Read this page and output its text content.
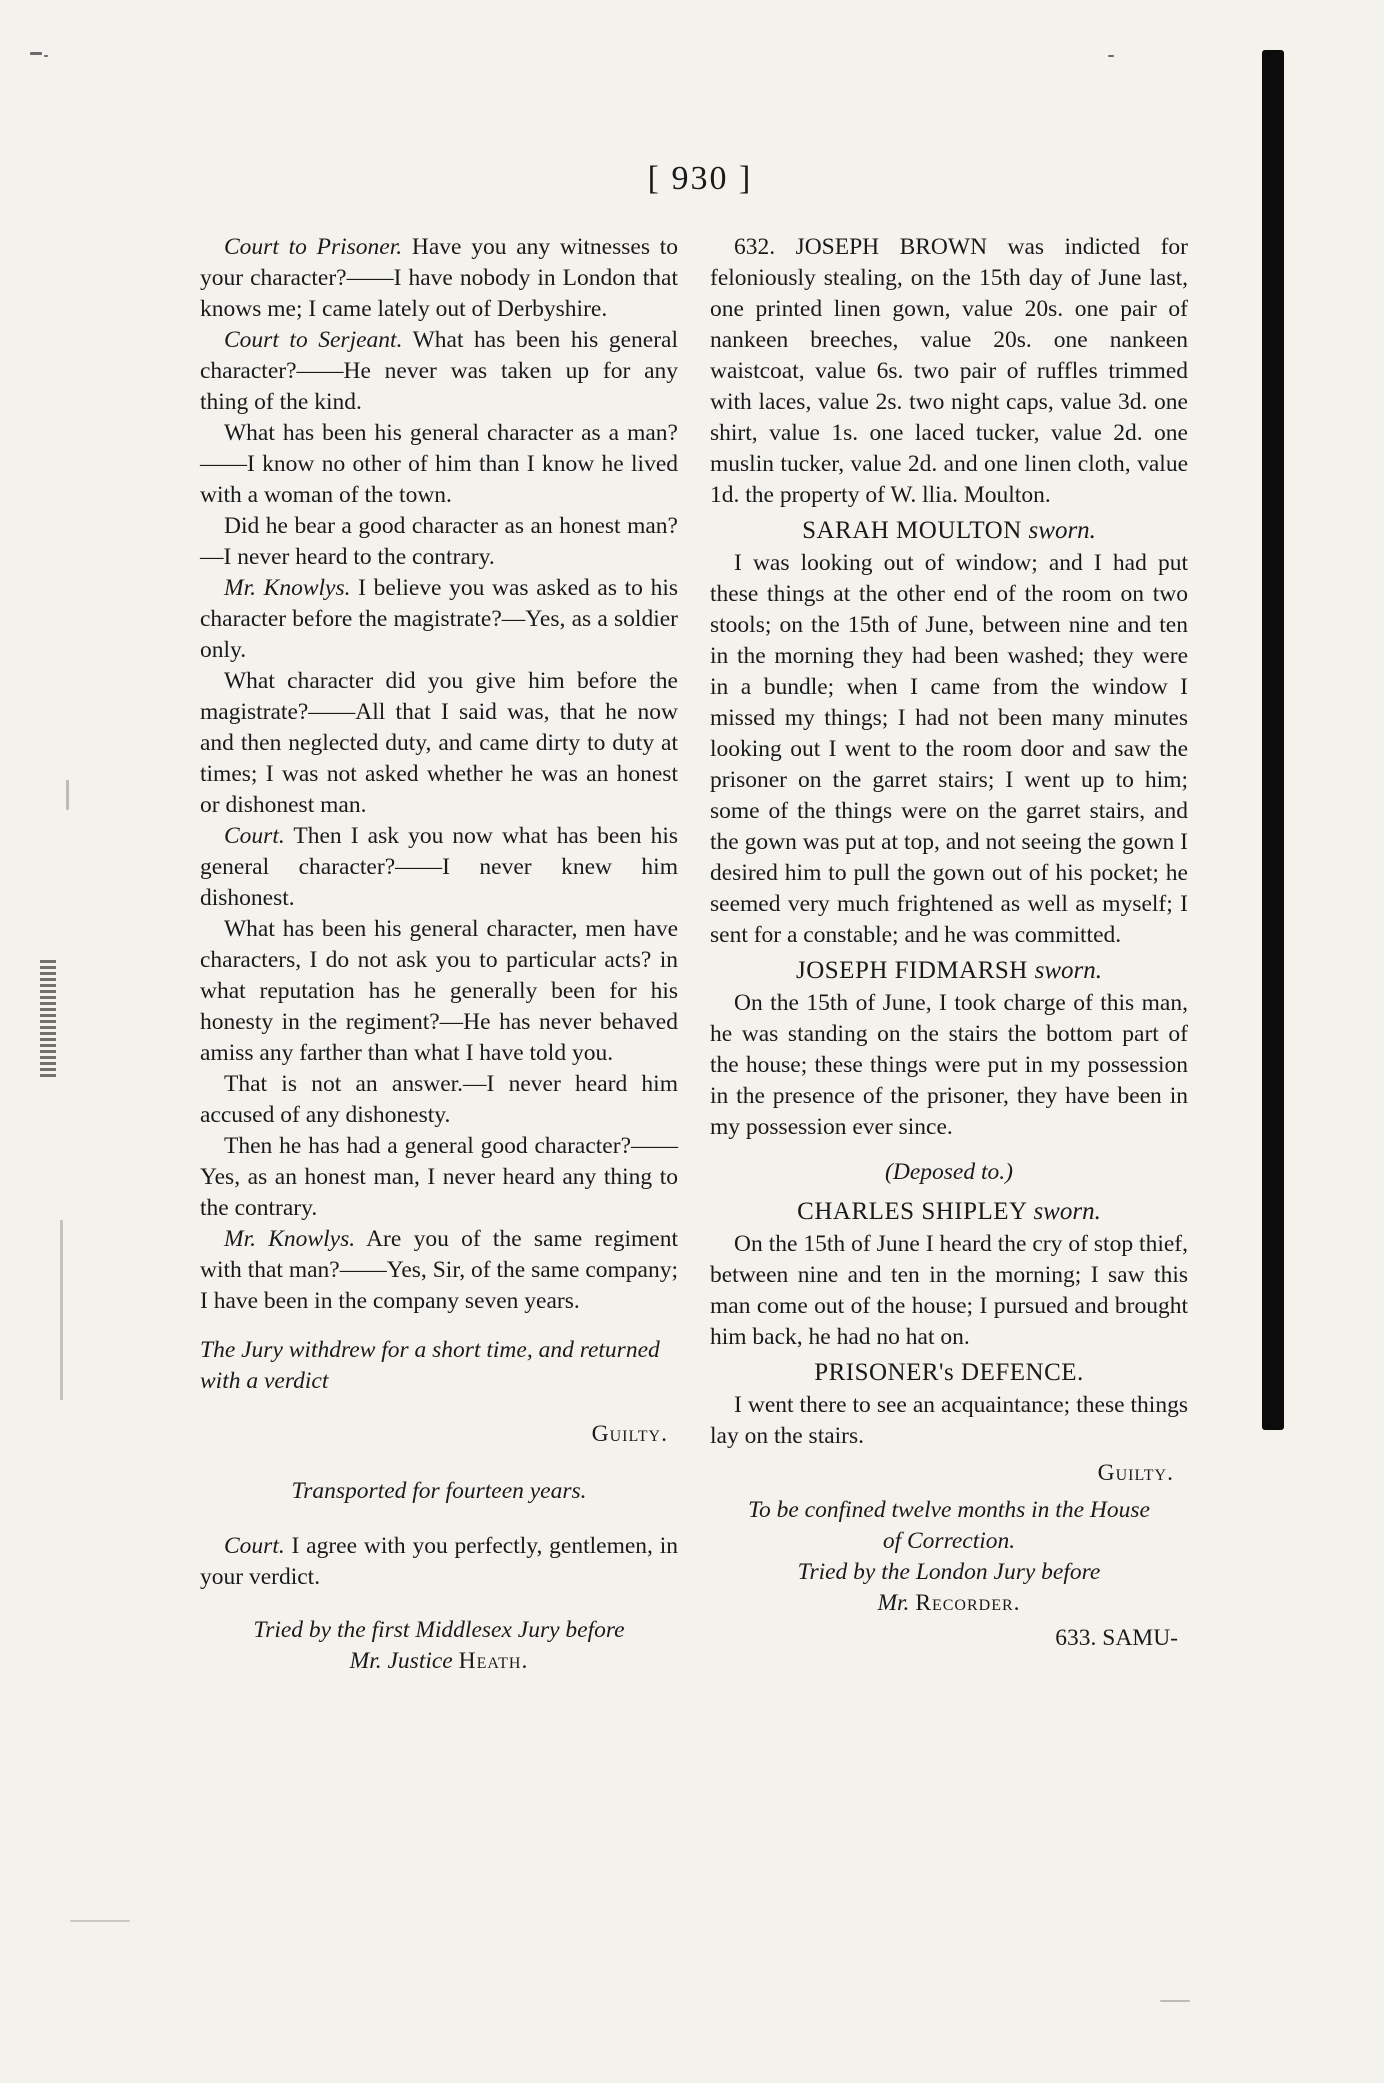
[ 930 ]

Court to Prisoner. Have you any witnesses to your character?——I have nobody in London that knows me; I came lately out of Derbyshire.

Court to Serjeant. What has been his general character?——He never was taken up for any thing of the kind.

What has been his general character as a man?——I know no other of him than I know he lived with a woman of the town.

Did he bear a good character as an honest man?—I never heard to the contrary.

Mr. Knowlys. I believe you was asked as to his character before the magistrate?—Yes, as a soldier only.

What character did you give him before the magistrate?——All that I said was, that he now and then neglected duty, and came dirty to duty at times; I was not asked whether he was an honest or dishonest man.

Court. Then I ask you now what has been his general character?——I never knew him dishonest.

What has been his general character, men have characters, I do not ask you to particular acts? in what reputation has he generally been for his honesty in the regiment?—He has never behaved amiss any farther than what I have told you.

That is not an answer.—I never heard him accused of any dishonesty.

Then he has had a general good character?——Yes, as an honest man, I never heard any thing to the contrary.

Mr. Knowlys. Are you of the same regiment with that man?——Yes, Sir, of the same company; I have been in the company seven years.

The Jury withdrew for a short time, and returned with a verdict

Guilty.

Transported for fourteen years.

Court. I agree with you perfectly, gentlemen, in your verdict.

Tried by the first Middlesex Jury before
Mr. Justice Heath.

632. JOSEPH BROWN was indicted for feloniously stealing, on the 15th day of June last, one printed linen gown, value 20s. one pair of nankeen breeches, value 20s. one nankeen waistcoat, value 6s. two pair of ruffles trimmed with laces, value 2s. two night caps, value 3d. one shirt, value 1s. one laced tucker, value 2d. one muslin tucker, value 2d. and one linen cloth, value 1d. the property of W. llia. Moulton.

SARAH MOULTON sworn.

I was looking out of window; and I had put these things at the other end of the room on two stools; on the 15th of June, between nine and ten in the morning they had been washed; they were in a bundle; when I came from the window I missed my things; I had not been many minutes looking out I went to the room door and saw the prisoner on the garret stairs; I went up to him; some of the things were on the garret stairs, and the gown was put at top, and not seeing the gown I desired him to pull the gown out of his pocket; he seemed very much frightened as well as myself; I sent for a constable; and he was committed.

JOSEPH FIDMARSH sworn.

On the 15th of June, I took charge of this man, he was standing on the stairs the bottom part of the house; these things were put in my possession in the presence of the prisoner, they have been in my possession ever since.

(Deposed to.)

CHARLES SHIPLEY sworn.

On the 15th of June I heard the cry of stop thief, between nine and ten in the morning; I saw this man come out of the house; I pursued and brought him back, he had no hat on.

PRISONER's DEFENCE.

I went there to see an acquaintance; these things lay on the stairs.

Guilty.

To be confined twelve months in the House
of Correction.

Tried by the London Jury before
Mr. Recorder.

633. SAMU-
